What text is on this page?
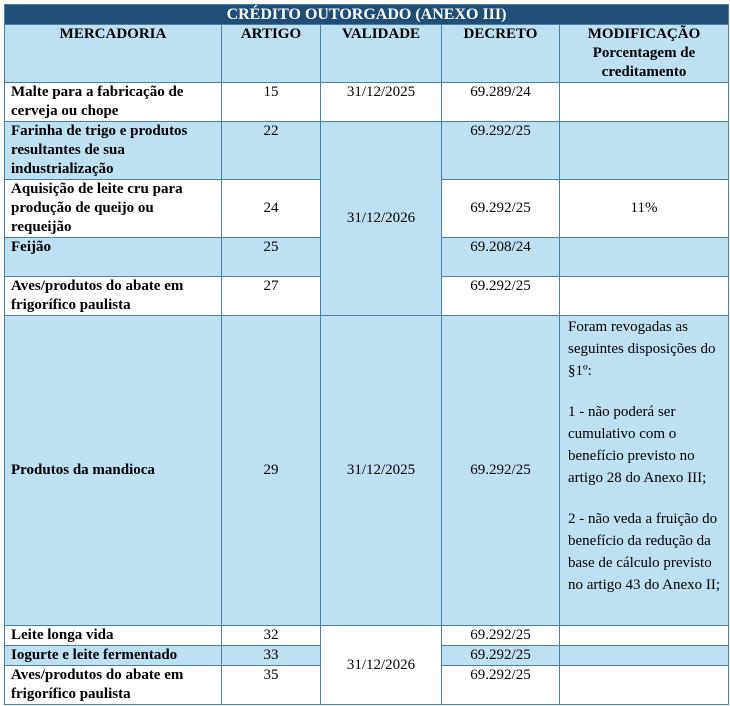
CRÉDITO OUTORGADO (ANEXO III)				
MERCADORIA	ARTIGO	VALIDADE	DECRETO	MODIFICAÇÃO
Porcentagem de creditamento

Malte para a fabricação de cerveja ou chope	15	31/12/2025	69.289/24	
Farinha de trigo e produtos resultantes de sua industrialização	22	31/12/2026	69.292/25	
Aquisição de leite cru para produção de queijo ou requeijão	24		69.292/25	11%
Feijão	25		69.208/24	
Aves/produtos do abate em frigorífico paulista	27		69.292/25	
Produtos da mandioca	29	31/12/2025	69.292/25	Foram revogadas as seguintes disposições do §1º:

1 - não poderá ser cumulativo com o benefício previsto no artigo 28 do Anexo III;

2 - não veda a fruição do benefício da redução da base de cálculo previsto no artigo 43 do Anexo II;

Leite longa vida	32	31/12/2026	69.292/25	
Iogurte e leite fermentado	33		69.292/25	
Aves/produtos do abate em frigorífico paulista	35		69.292/25	
